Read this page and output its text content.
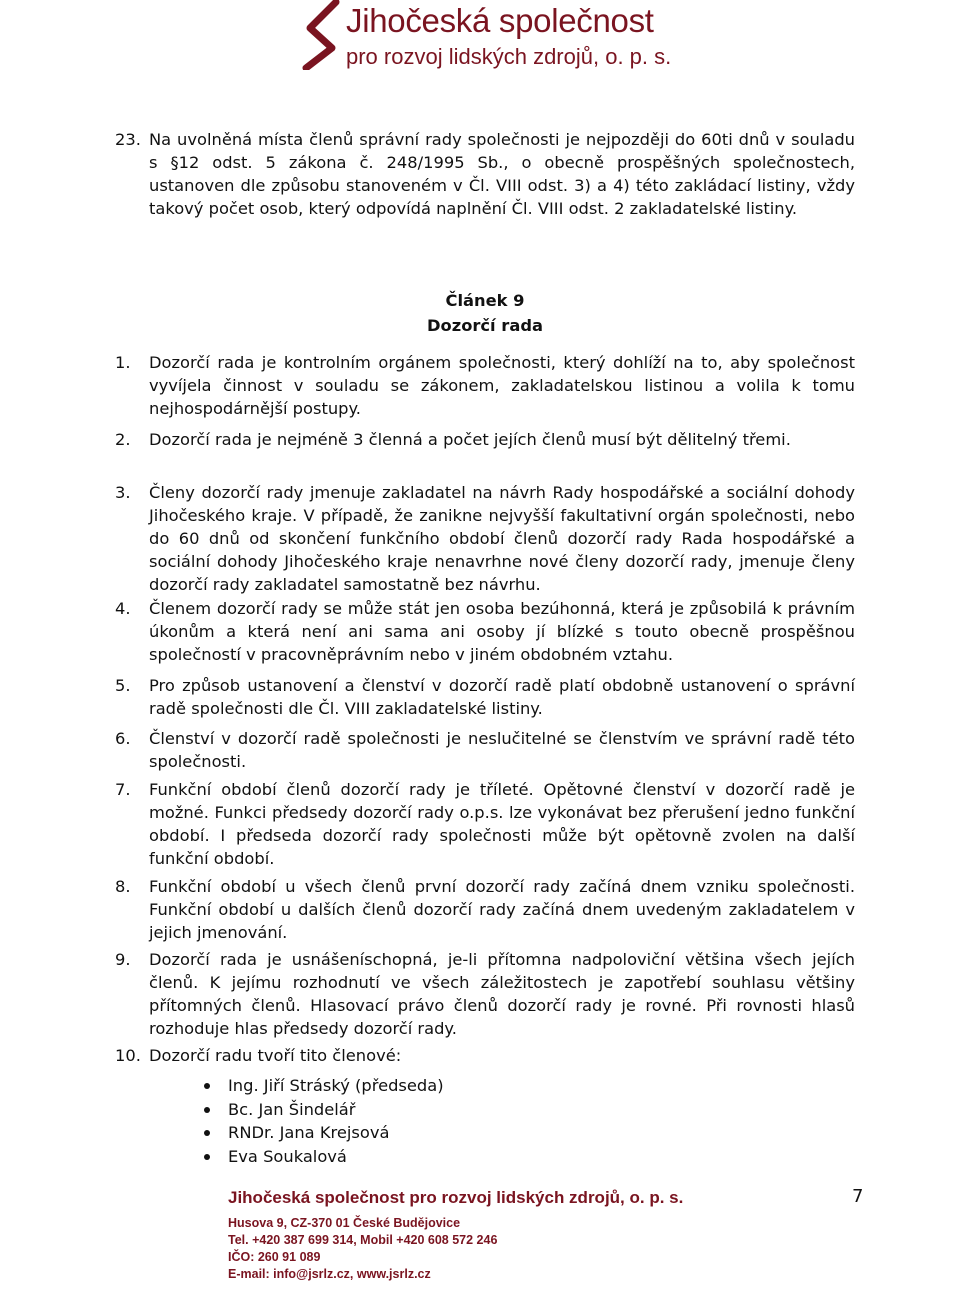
Jihočeská společnost
pro rozvoj lidských zdrojů, o. p. s.
23. Na uvolněná místa členů správní rady společnosti je nejpozději do 60ti dnů v souladu s §12 odst. 5 zákona č. 248/1995 Sb., o obecně prospěšných společnostech, ustanoven dle způsobu stanoveném v Čl. VIII odst. 3) a 4) této zakládací listiny, vždy takový počet osob, který odpovídá naplnění Čl. VIII odst. 2 zakladatelské listiny.
Článek 9
Dozorčí rada
1. Dozorčí rada je kontrolním orgánem společnosti, který dohlíží na to, aby společnost vyvíjela činnost v souladu se zákonem, zakladatelskou listinou a volila k tomu nejhospodárnější postupy.
2. Dozorčí rada je nejméně 3 členná a počet jejích členů musí být dělitelný třemi.
3. Členy dozorčí rady jmenuje zakladatel na návrh Rady hospodářské a sociální dohody Jihočeského kraje. V případě, že zanikne nejvyšší fakultativní orgán společnosti, nebo do 60 dnů od skončení funkčního období členů dozorčí rady Rada hospodářské a sociální dohody Jihočeského kraje nenavrhne nové členy dozorčí rady, jmenuje členy dozorčí rady zakladatel samostatně bez návrhu.
4. Členem dozorčí rady se může stát jen osoba bezúhonná, která je způsobilá k právním úkonům a která není ani sama ani osoby jí blízké s touto obecně prospěšnou společností v pracovněprávním nebo v jiném obdobném vztahu.
5. Pro způsob ustanovení a členství v dozorčí radě platí obdobně ustanovení o správní radě společnosti dle Čl. VIII zakladatelské listiny.
6. Členství v dozorčí radě společnosti je neslučitelné se členstvím ve správní radě této společnosti.
7. Funkční období členů dozorčí rady je tříleté. Opětovné členství v dozorčí radě je možné. Funkci předsedy dozorčí rady o.p.s. lze vykonávat bez přerušení jedno funkční období. I předseda dozorčí rady společnosti může být opětovně zvolen na další funkční období.
8. Funkční období u všech členů první dozorčí rady začíná dnem vzniku společnosti. Funkční období u dalších členů dozorčí rady začíná dnem uvedeným zakladatelem v jejich jmenování.
9. Dozorčí rada je usnášeníschopná, je-li přítomna nadpoloviční většina všech jejích členů. K jejímu rozhodnutí ve všech záležitostech je zapotřebí souhlasu většiny přítomných členů. Hlasovací právo členů dozorčí rady je rovné. Při rovnosti hlasů rozhoduje hlas předsedy dozorčí rady.
10. Dozorčí radu tvoří tito členové:
Ing. Jiří Stráský (předseda)
Bc. Jan Šindelář
RNDr. Jana Krejsová
Eva Soukalová
Jihočeská společnost pro rozvoj lidských zdrojů, o. p. s.	7
Husova 9, CZ-370 01 České Budějovice
Tel. +420 387 699 314, Mobil +420 608 572 246
IČO: 260 91 089
E-mail: info@jsrlz.cz, www.jsrlz.cz
